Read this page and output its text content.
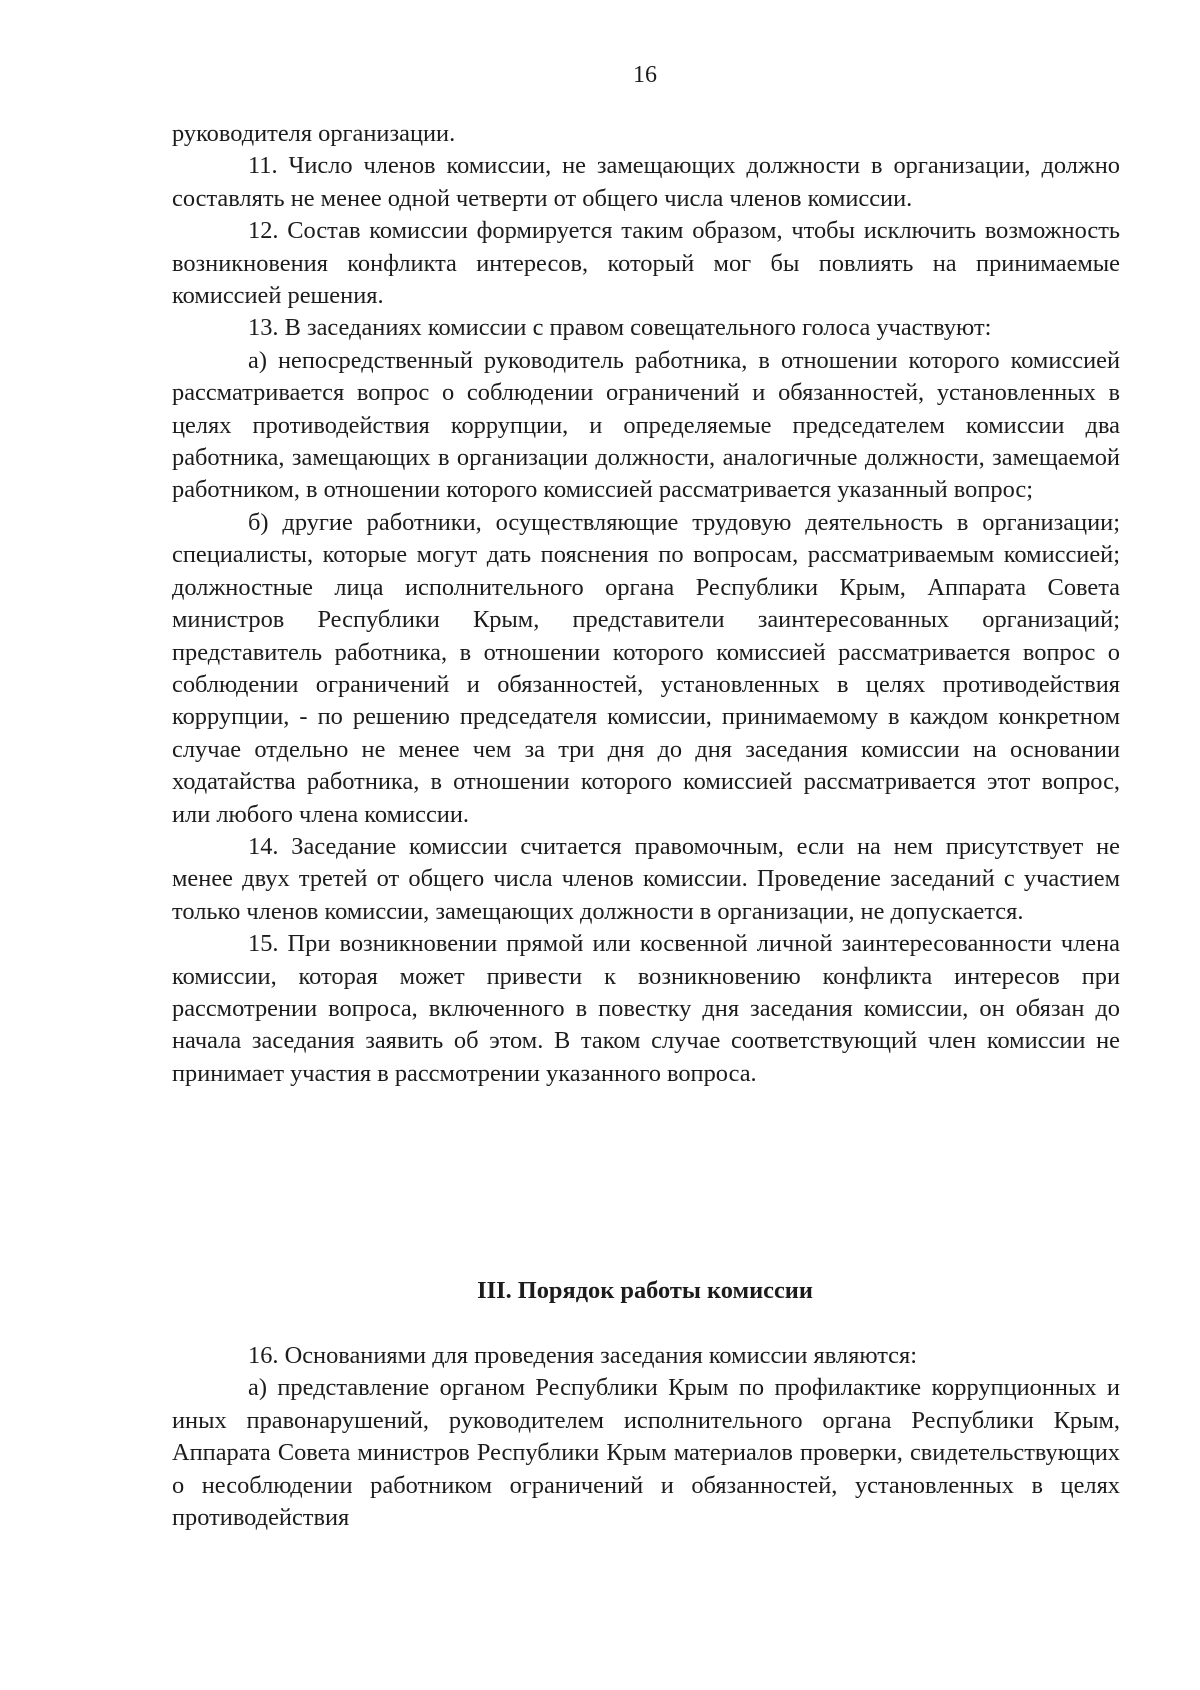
16

руководителя организации.

11. Число членов комиссии, не замещающих должности в организации, должно составлять не менее одной четверти от общего числа членов комиссии.

12. Состав комиссии формируется таким образом, чтобы исключить возможность возникновения конфликта интересов, который мог бы повлиять на принимаемые комиссией решения.

13. В заседаниях комиссии с правом совещательного голоса участвуют:

а) непосредственный руководитель работника, в отношении которого комиссией рассматривается вопрос о соблюдении ограничений и обязанностей, установленных в целях противодействия коррупции, и определяемые председателем комиссии два работника, замещающих в организации должности, аналогичные должности, замещаемой работником, в отношении которого комиссией рассматривается указанный вопрос;

б) другие работники, осуществляющие трудовую деятельность в организации; специалисты, которые могут дать пояснения по вопросам, рассматриваемым комиссией; должностные лица исполнительного органа Республики Крым, Аппарата Совета министров Республики Крым, представители заинтересованных организаций; представитель работника, в отношении которого комиссией рассматривается вопрос о соблюдении ограничений и обязанностей, установленных в целях противодействия коррупции, - по решению председателя комиссии, принимаемому в каждом конкретном случае отдельно не менее чем за три дня до дня заседания комиссии на основании ходатайства работника, в отношении которого комиссией рассматривается этот вопрос, или любого члена комиссии.

14. Заседание комиссии считается правомочным, если на нем присутствует не менее двух третей от общего числа членов комиссии. Проведение заседаний с участием только членов комиссии, замещающих должности в организации, не допускается.

15. При возникновении прямой или косвенной личной заинтересованности члена комиссии, которая может привести к возникновению конфликта интересов при рассмотрении вопроса, включенного в повестку дня заседания комиссии, он обязан до начала заседания заявить об этом. В таком случае соответствующий член комиссии не принимает участия в рассмотрении указанного вопроса.

III. Порядок работы комиссии

16. Основаниями для проведения заседания комиссии являются:

а) представление органом Республики Крым по профилактике коррупционных и иных правонарушений, руководителем исполнительного органа Республики Крым, Аппарата Совета министров Республики Крым материалов проверки, свидетельствующих о несоблюдении работником ограничений и обязанностей, установленных в целях противодействия
